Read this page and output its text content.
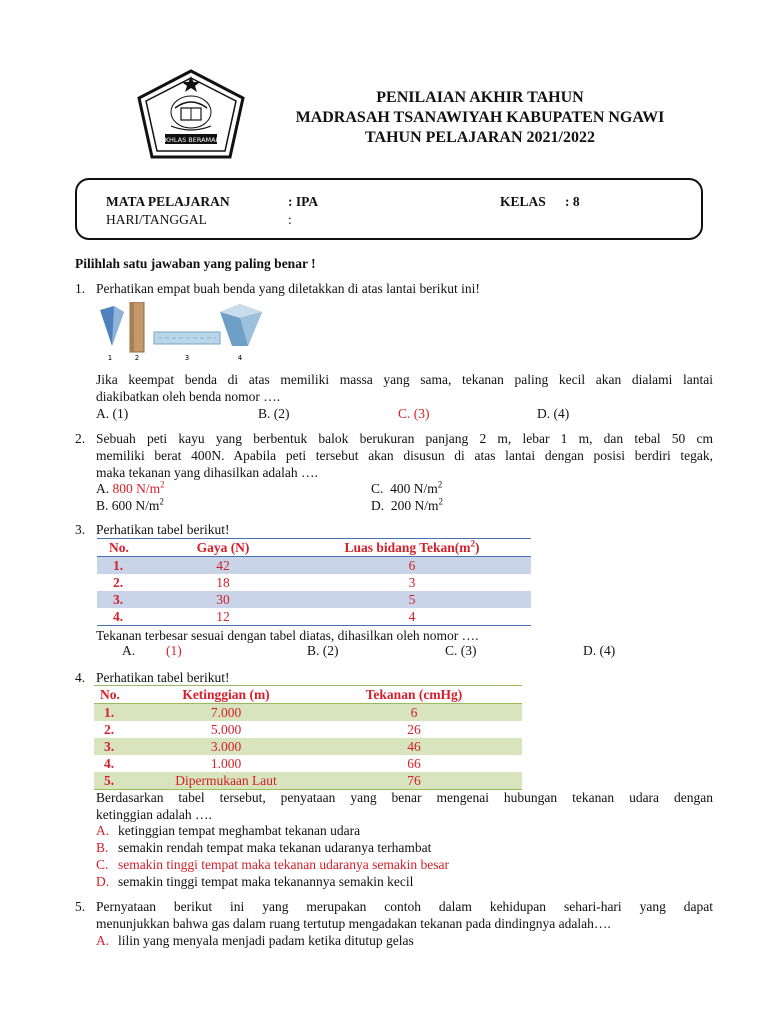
IKHLAS BERAMAL
PENILAIAN AKHIR TAHUN
MADRASAH TSANAWIYAH KABUPATEN NGAWI
TAHUN PELAJARAN 2021/2022
MATA PELAJARAN	: IPA	KELAS : 8
HARI/TANGGAL	:
Pilihlah satu jawaban yang paling benar !
1. Perhatikan empat buah benda yang diletakkan di atas lantai berikut ini!
1	2	3	4
Jika keempat benda di atas memiliki massa yang sama, tekanan paling kecil akan dialami lantai
diakibatkan oleh benda nomor ….
A. (1)	B. (2)	C. (3)	D. (4)
2. Sebuah peti kayu yang berbentuk balok berukuran panjang 2 m, lebar 1 m, dan tebal 50 cm
memiliki berat 400N. Apabila peti tersebut akan disusun di atas lantai dengan posisi berdiri tegak,
maka tekanan yang dihasilkan adalah ….
A. 800 $N/m^2$
B. 600 $N/m^2$
C. 400 $N/m^2$
D. 200 $N/m^2$
3. Perhatikan tabel berikut!
No.	Gaya (N)	Luas bidang $Tekan(m^2)$
1.	42	6
2.	18	3
3.	30	5
4.	12	4
Tekanan terbesar sesuai dengan tabel diatas, dihasilkan oleh nomor ….
A. (1)	B. (2)	C. (3)	D. (4)
4. Perhatikan tabel berikut!
No.	Ketinggian (m)	Tekanan (cmHg)
1.	7.000	6
2.	5.000	26
3.	3.000	46
4.	1.000	66
5.	Dipermukaan Laut	76
Berdasarkan tabel tersebut, penyataan yang benar mengenai hubungan tekanan udara dengan
ketinggian adalah ….
A. ketinggian tempat meghambat tekanan udara
B. semakin rendah tempat maka tekanan udaranya terhambat
C. semakin tinggi tempat maka tekanan udaranya semakin besar
D. semakin tinggi tempat maka tekanannya semakin kecil
5. Pernyataan berikut ini yang merupakan contoh dalam kehidupan sehari-hari yang dapat
menunjukkan bahwa gas dalam ruang tertutup mengadakan tekanan pada dindingnya adalah….
A. lilin yang menyala menjadi padam ketika ditutup gelas
